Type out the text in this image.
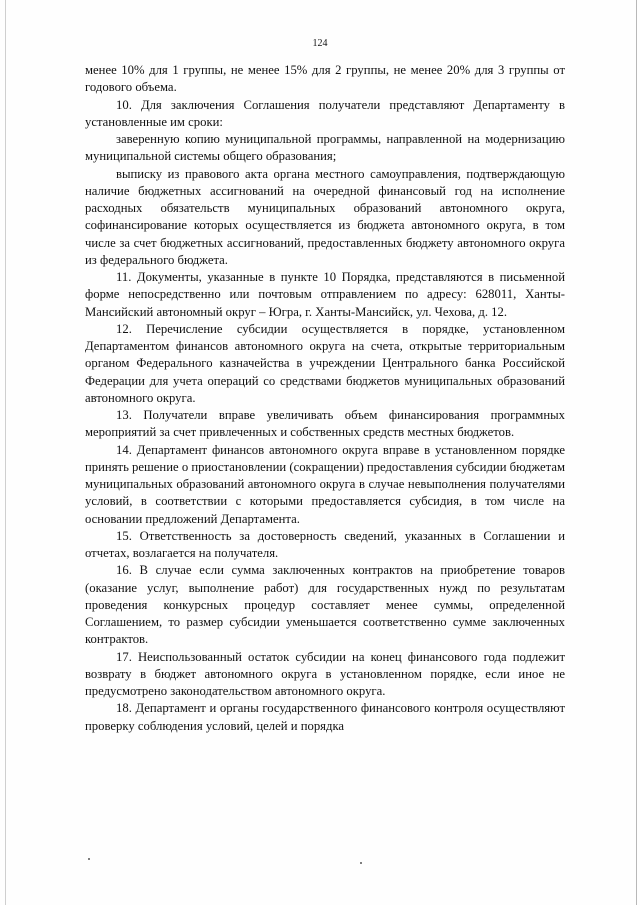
124

менее 10% для 1 группы, не менее 15% для 2 группы, не менее 20% для 3 группы от годового объема.

10. Для заключения Соглашения получатели представляют Департаменту в установленные им сроки:

заверенную копию муниципальной программы, направленной на модернизацию муниципальной системы общего образования;

выписку из правового акта органа местного самоуправления, подтверждающую наличие бюджетных ассигнований на очередной финансовый год на исполнение расходных обязательств муниципальных образований автономного округа, софинансирование которых осуществляется из бюджета автономного округа, в том числе за счет бюджетных ассигнований, предоставленных бюджету автономного округа из федерального бюджета.

11. Документы, указанные в пункте 10 Порядка, представляются в письменной форме непосредственно или почтовым отправлением по адресу: 628011, Ханты-Мансийский автономный округ – Югра, г. Ханты-Мансийск, ул. Чехова, д. 12.

12. Перечисление субсидии осуществляется в порядке, установленном Департаментом финансов автономного округа на счета, открытые территориальным органом Федерального казначейства в учреждении Центрального банка Российской Федерации для учета операций со средствами бюджетов муниципальных образований автономного округа.

13. Получатели вправе увеличивать объем финансирования программных мероприятий за счет привлеченных и собственных средств местных бюджетов.

14. Департамент финансов автономного округа вправе в установленном порядке принять решение о приостановлении (сокращении) предоставления субсидии бюджетам муниципальных образований автономного округа в случае невыполнения получателями условий, в соответствии с которыми предоставляется субсидия, в том числе на основании предложений Департамента.

15. Ответственность за достоверность сведений, указанных в Соглашении и отчетах, возлагается на получателя.

16. В случае если сумма заключенных контрактов на приобретение товаров (оказание услуг, выполнение работ) для государственных нужд по результатам проведения конкурсных процедур составляет менее суммы, определенной Соглашением, то размер субсидии уменьшается соответственно сумме заключенных контрактов.

17. Неиспользованный остаток субсидии на конец финансового года подлежит возврату в бюджет автономного округа в установленном порядке, если иное не предусмотрено законодательством автономного округа.

18. Департамент и органы государственного финансового контроля осуществляют проверку соблюдения условий, целей и порядка
